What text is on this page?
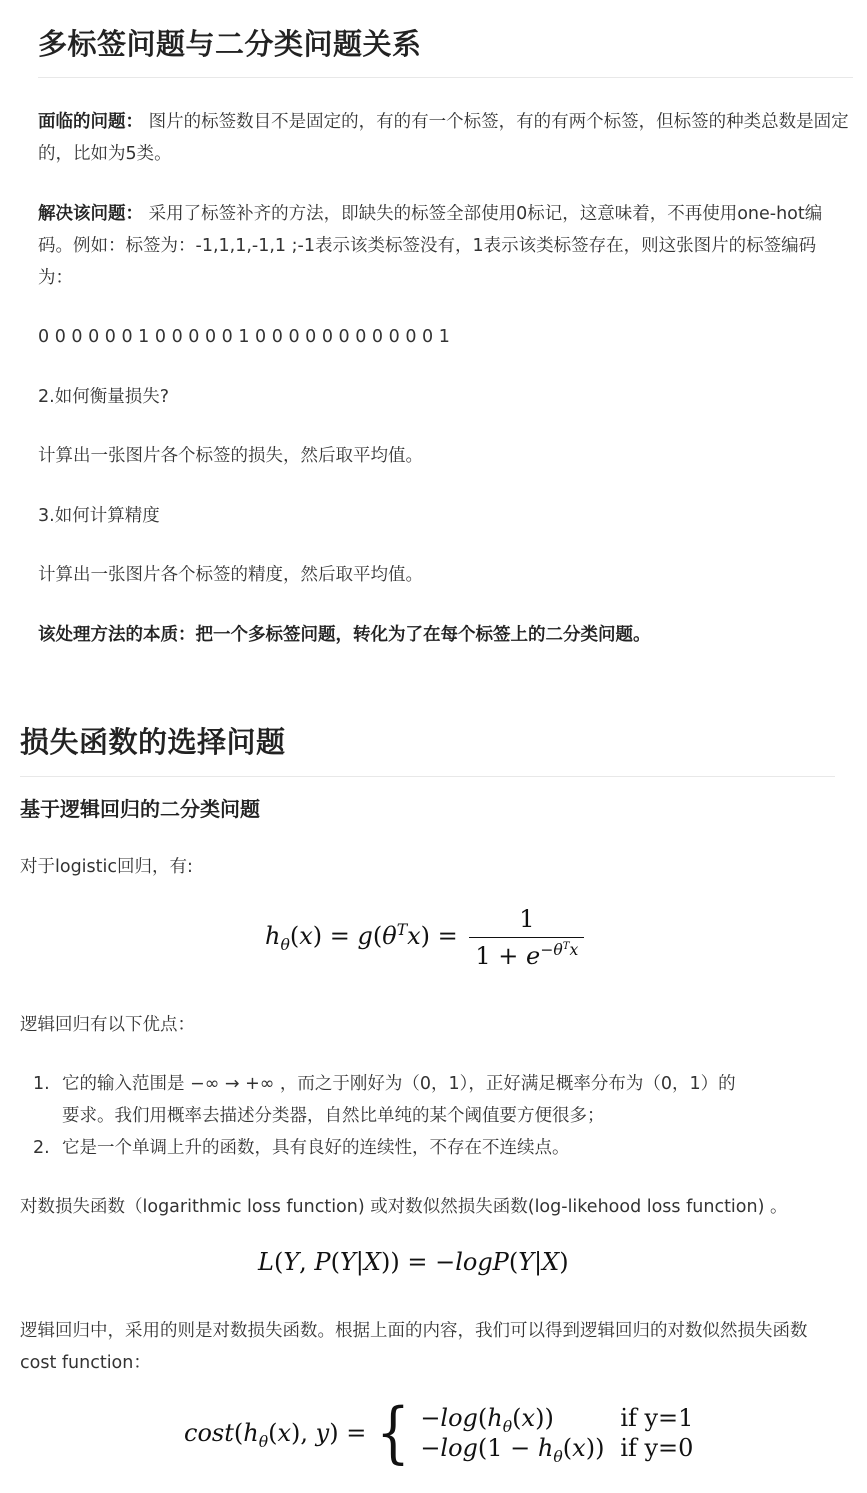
多标签问题与二分类问题关系
面临的问题： 图片的标签数目不是固定的，有的有一个标签，有的有两个标签，但标签的种类总数是固定的，比如为5类。
解决该问题： 采用了标签补齐的方法，即缺失的标签全部使用0标记，这意味着，不再使用one-hot编码。例如：标签为：-1,1,1,-1,1 ;-1表示该类标签没有，1表示该类标签存在，则这张图片的标签编码为：
0 0 0 0 0 0 1 0 0 0 0 0 1 0 0 0 0 0 0 0 0 0 0 0 1
2.如何衡量损失?
计算出一张图片各个标签的损失，然后取平均值。
3.如何计算精度
计算出一张图片各个标签的精度，然后取平均值。
该处理方法的本质：把一个多标签问题，转化为了在每个标签上的二分类问题。
损失函数的选择问题
基于逻辑回归的二分类问题
对于logistic回归，有:
$h_\theta(x) = g(\theta^Tx) = \frac{1}{1 + e^{-\theta^Tx}}$
逻辑回归有以下优点：
1. 它的输入范围是 −∞ → +∞ ，而之于刚好为（0，1），正好满足概率分布为（0，1）的
要求。我们用概率去描述分类器，自然比单纯的某个阈值要方便很多；
2. 它是一个单调上升的函数，具有良好的连续性，不存在不连续点。
对数损失函数（logarithmic loss function) 或对数似然损失函数(log-likehood loss function) 。
L(Y, P(Y|X)) = −logP(Y|X)
逻辑回归中，采用的则是对数损失函数。根据上面的内容，我们可以得到逻辑回归的对数似然损失函数cost function：
$\cos t(h_\theta(x)$, y) = { $-\log(h_\theta(x))$	if y=1
$-\log(1 - h_\theta(x))$ if y=0
